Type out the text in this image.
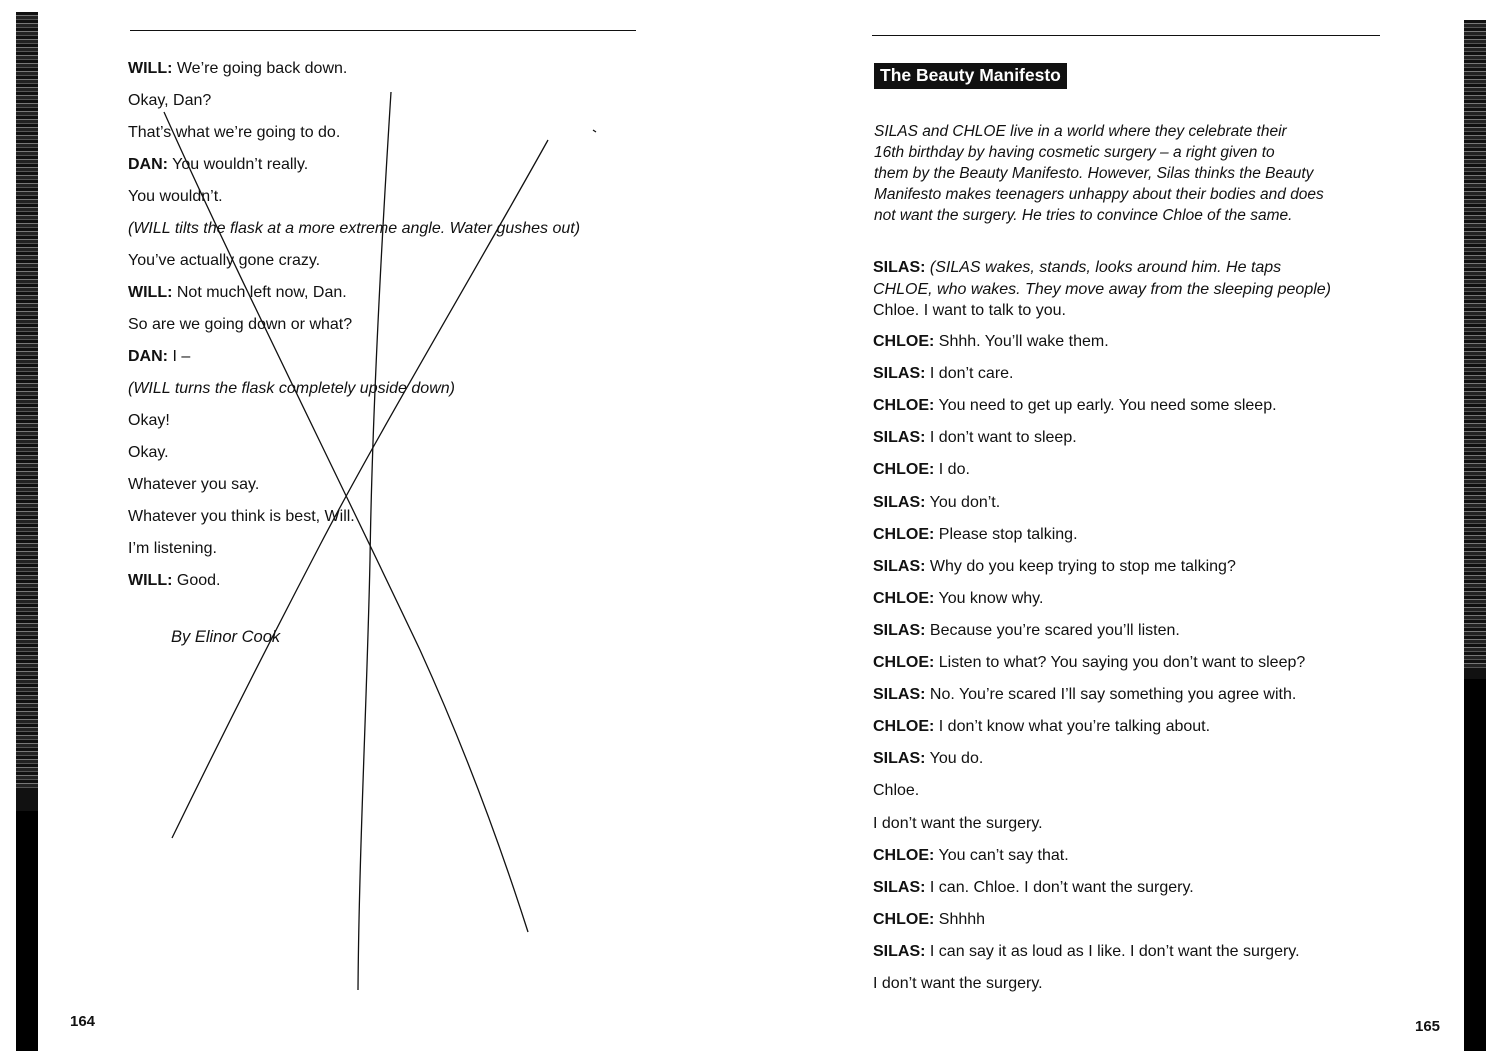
WILL: We’re going back down.
Okay, Dan?
That’s what we’re going to do.
DAN: You wouldn’t really.
You wouldn’t.
(WILL tilts the flask at a more extreme angle. Water gushes out)
You’ve actually gone crazy.
WILL: Not much left now, Dan.
So are we going down or what?
DAN: I –
(WILL turns the flask completely upside down)
Okay!
Okay.
Whatever you say.
Whatever you think is best, Will.
I’m listening.
WILL: Good.
By Elinor Cook
164
The Beauty Manifesto
SILAS and CHLOE live in a world where they celebrate their
16th birthday by having cosmetic surgery – a right given to
them by the Beauty Manifesto. However, Silas thinks the Beauty
Manifesto makes teenagers unhappy about their bodies and does
not want the surgery. He tries to convince Chloe of the same.
SILAS: (SILAS wakes, stands, looks around him. He taps
CHLOE, who wakes. They move away from the sleeping people)
Chloe. I want to talk to you.
CHLOE: Shhh. You’ll wake them.
SILAS: I don’t care.
CHLOE: You need to get up early. You need some sleep.
SILAS: I don’t want to sleep.
CHLOE: I do.
SILAS: You don’t.
CHLOE: Please stop talking.
SILAS: Why do you keep trying to stop me talking?
CHLOE: You know why.
SILAS: Because you’re scared you’ll listen.
CHLOE: Listen to what? You saying you don’t want to sleep?
SILAS: No. You’re scared I’ll say something you agree with.
CHLOE: I don’t know what you’re talking about.
SILAS: You do.
Chloe.
I don’t want the surgery.
CHLOE: You can’t say that.
SILAS: I can. Chloe. I don’t want the surgery.
CHLOE: Shhhh
SILAS: I can say it as loud as I like. I don’t want the surgery.
I don’t want the surgery.
165
